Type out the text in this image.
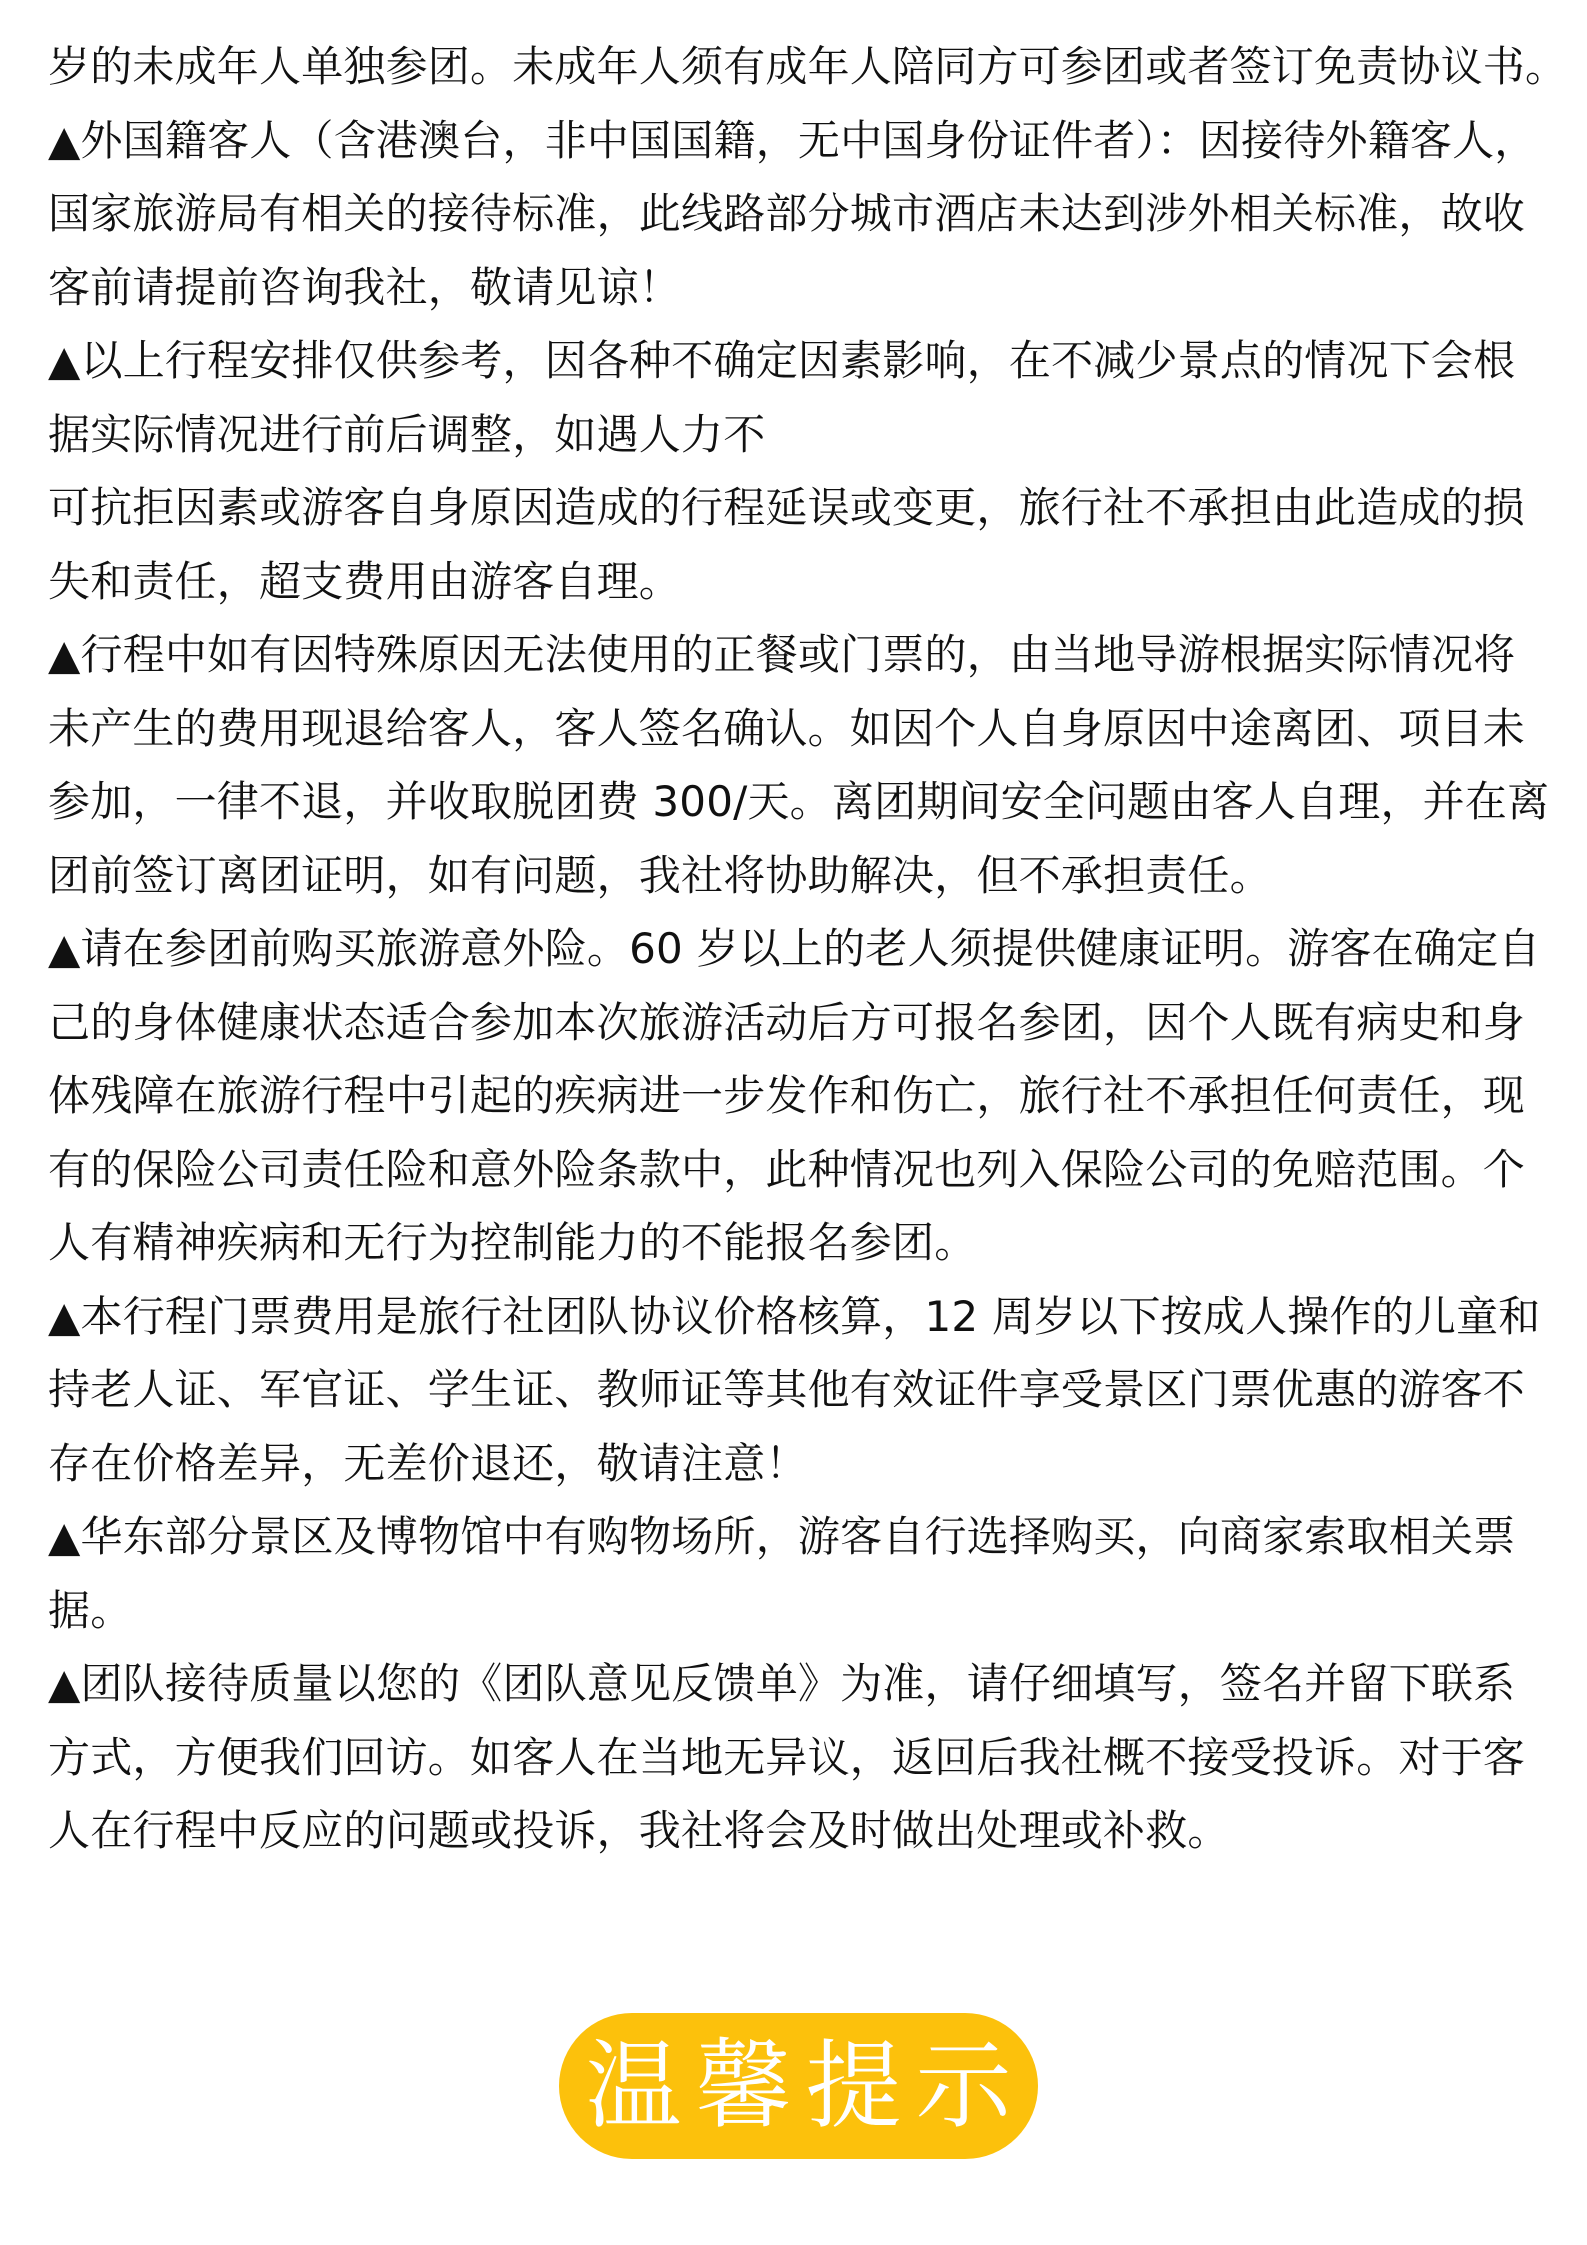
岁的未成年人单独参团。未成年人须有成年人陪同方可参团或者签订免责协议书。
▲外国籍客人（含港澳台，非中国国籍，无中国身份证件者）：因接待外籍客人，
国家旅游局有相关的接待标准，此线路部分城市酒店未达到涉外相关标准，故收
客前请提前咨询我社，敬请见谅！
▲以上行程安排仅供参考，因各种不确定因素影响，在不减少景点的情况下会根
据实际情况进行前后调整，如遇人力不
可抗拒因素或游客自身原因造成的行程延误或变更，旅行社不承担由此造成的损
失和责任，超支费用由游客自理。
▲行程中如有因特殊原因无法使用的正餐或门票的，由当地导游根据实际情况将
未产生的费用现退给客人，客人签名确认。如因个人自身原因中途离团、项目未
参加，一律不退，并收取脱团费 300/天。离团期间安全问题由客人自理，并在离
团前签订离团证明，如有问题，我社将协助解决，但不承担责任。
▲请在参团前购买旅游意外险。60 岁以上的老人须提供健康证明。游客在确定自
己的身体健康状态适合参加本次旅游活动后方可报名参团，因个人既有病史和身
体残障在旅游行程中引起的疾病进一步发作和伤亡，旅行社不承担任何责任，现
有的保险公司责任险和意外险条款中，此种情况也列入保险公司的免赔范围。个
人有精神疾病和无行为控制能力的不能报名参团。
▲本行程门票费用是旅行社团队协议价格核算，12 周岁以下按成人操作的儿童和
持老人证、军官证、学生证、教师证等其他有效证件享受景区门票优惠的游客不
存在价格差异，无差价退还，敬请注意！
▲华东部分景区及博物馆中有购物场所，游客自行选择购买，向商家索取相关票
据。
▲团队接待质量以您的《团队意见反馈单》为准，请仔细填写，签名并留下联系
方式，方便我们回访。如客人在当地无异议，返回后我社概不接受投诉。对于客
人在行程中反应的问题或投诉，我社将会及时做出处理或补救。
温馨提示
